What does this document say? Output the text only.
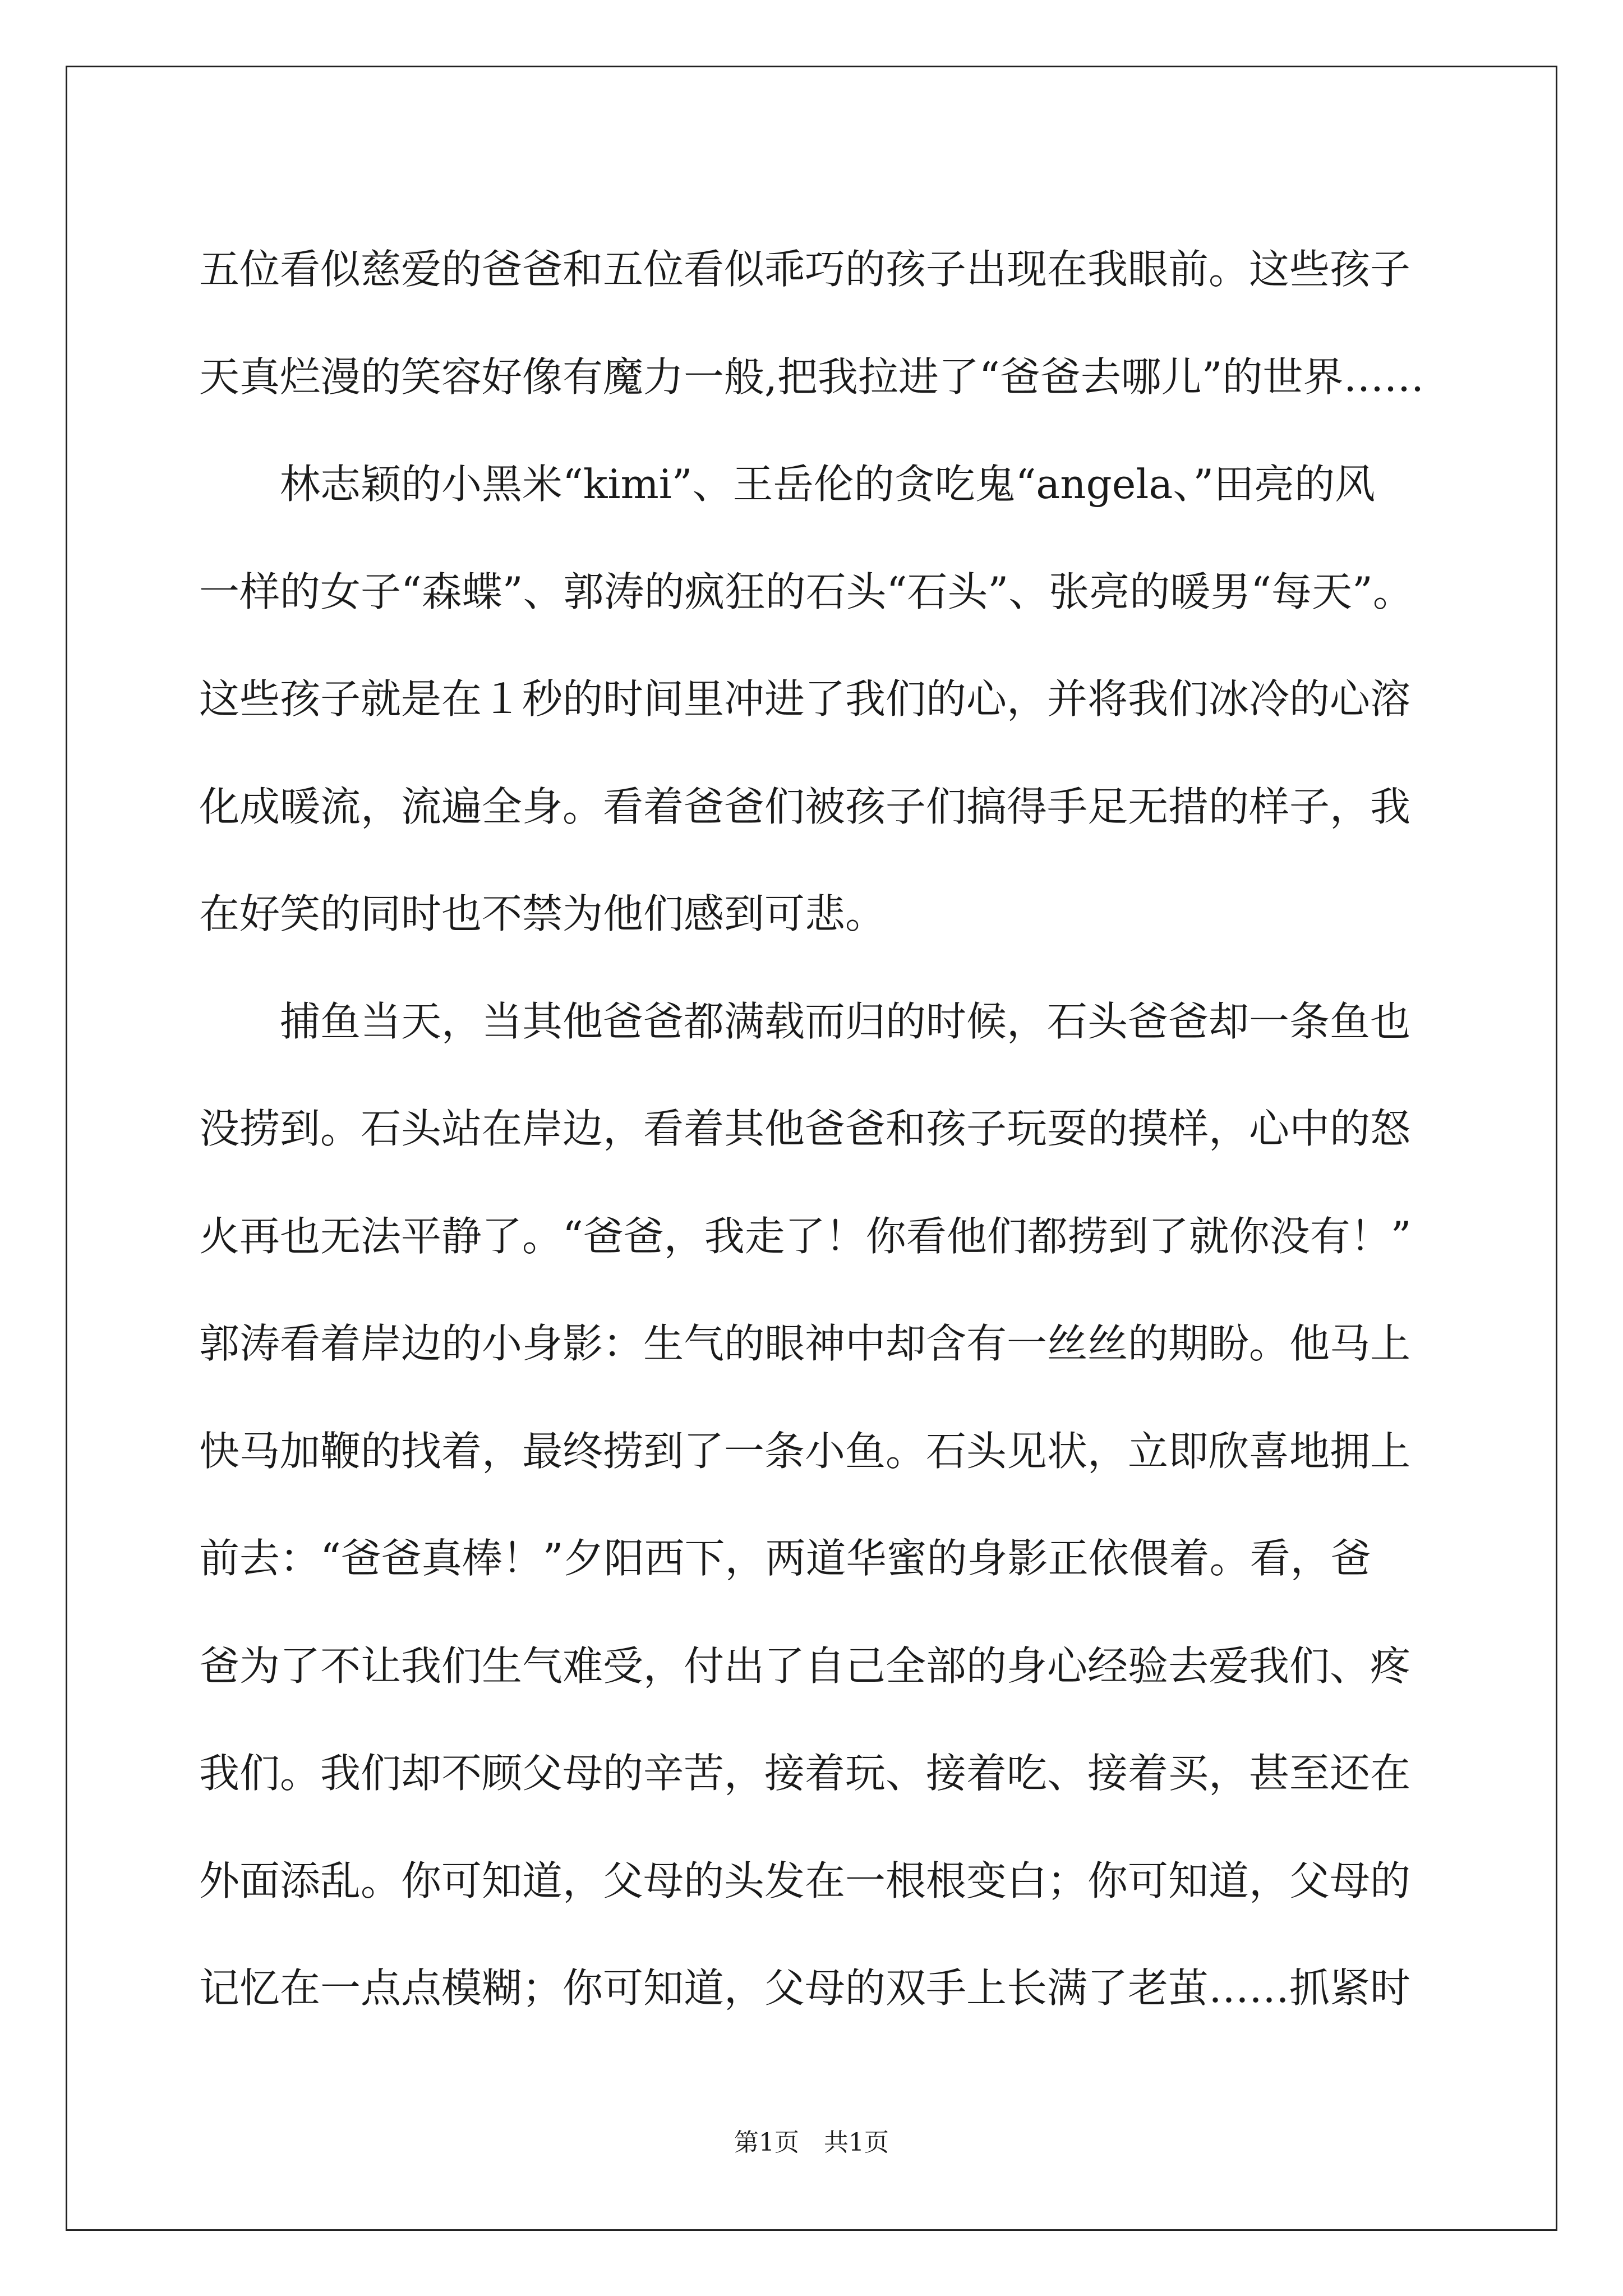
五位看似慈爱的爸爸和五位看似乖巧的孩子出现在我眼前。这些孩子
天真烂漫的笑容好像有魔力一般,把我拉进了“爸爸去哪儿”的世界……
林志颖的小黑米“kimi”、王岳伦的贪吃鬼“angela、”田亮的风
一样的女子“森蝶”、郭涛的疯狂的石头“石头”、张亮的暖男“每天”。
这些孩子就是在１秒的时间里冲进了我们的心，并将我们冰冷的心溶
化成暖流，流遍全身。看着爸爸们被孩子们搞得手足无措的样子，我
在好笑的同时也不禁为他们感到可悲。
捕鱼当天，当其他爸爸都满载而归的时候，石头爸爸却一条鱼也
没捞到。石头站在岸边，看着其他爸爸和孩子玩耍的摸样，心中的怒
火再也无法平静了。“爸爸，我走了！你看他们都捞到了就你没有！”
郭涛看着岸边的小身影：生气的眼神中却含有一丝丝的期盼。他马上
快马加鞭的找着，最终捞到了一条小鱼。石头见状，立即欣喜地拥上
前去：“爸爸真棒！”夕阳西下，两道华蜜的身影正依偎着。看，爸
爸为了不让我们生气难受，付出了自己全部的身心经验去爱我们、疼
我们。我们却不顾父母的辛苦，接着玩、接着吃、接着买，甚至还在
外面添乱。你可知道，父母的头发在一根根变白；你可知道，父母的
记忆在一点点模糊；你可知道，父母的双手上长满了老茧……抓紧时
第1页 共1页
